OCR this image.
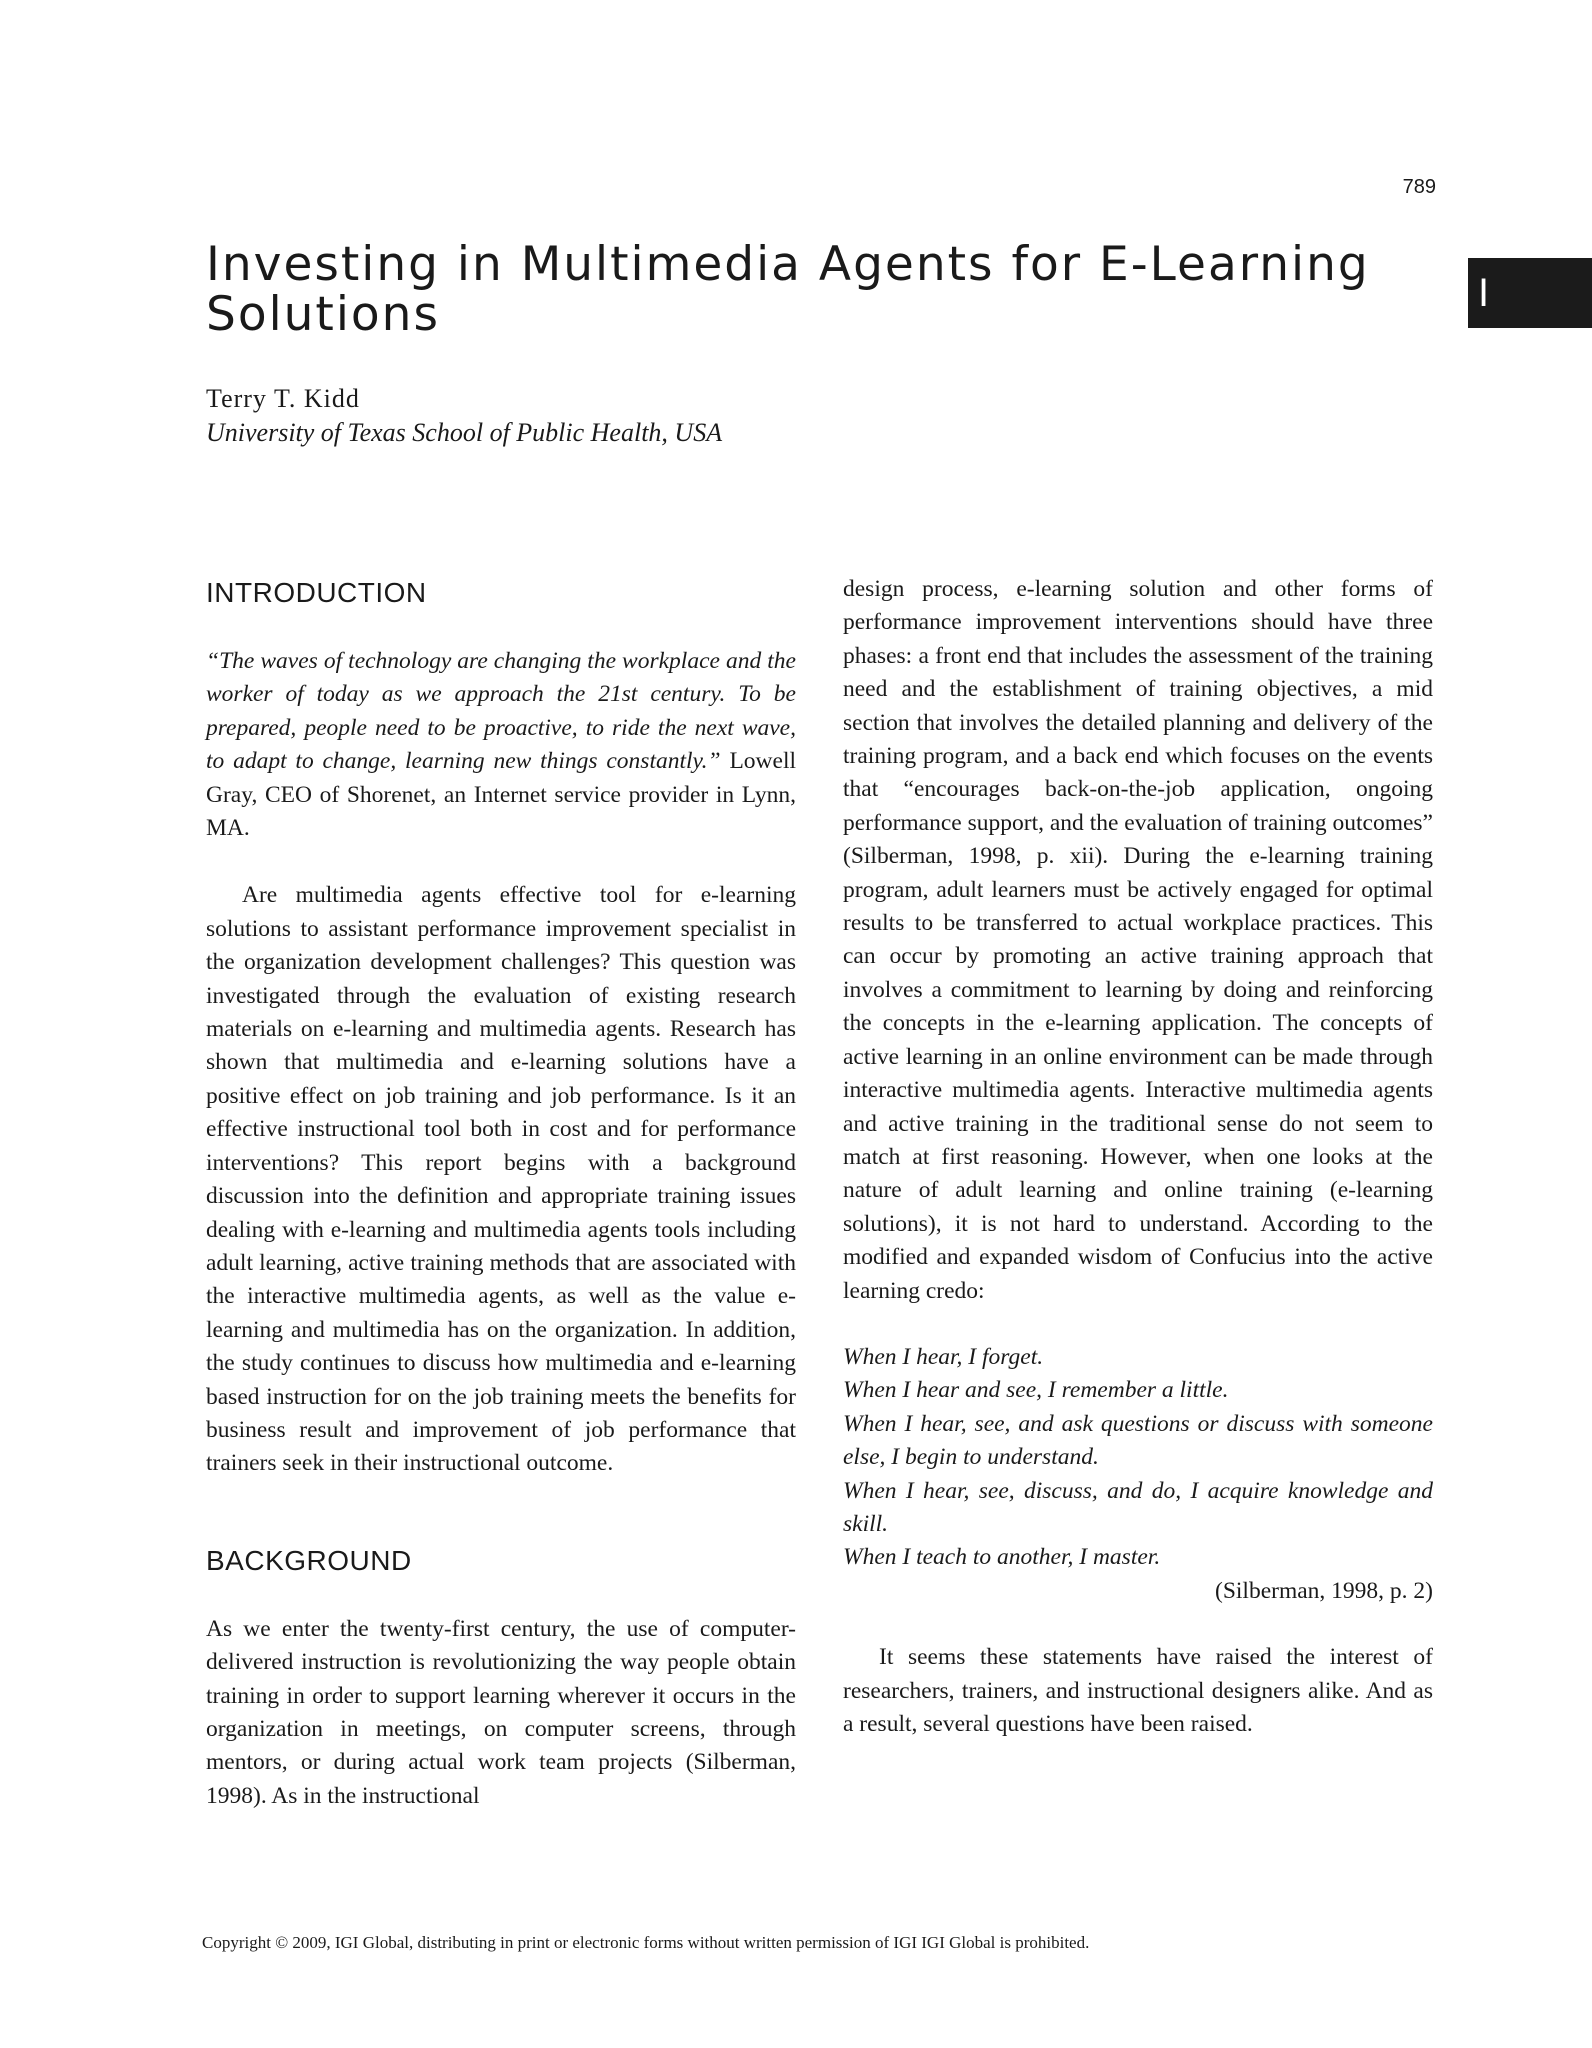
789
Investing in Multimedia Agents for E-Learning
Solutions	I
Terry T. Kidd
University of Texas School of Public Health, USA
INTRODUCTION

“The waves of technology are changing the workplace and the worker of today as we approach the 21st century. To be prepared, people need to be proactive, to ride the next wave, to adapt to change, learning new things constantly.” Lowell Gray, CEO of Shorenet, an Internet service provider in Lynn, MA.

Are multimedia agents effective tool for e-learning solutions to assistant performance improvement specialist in the organization development challenges? This question was investigated through the evaluation of existing research materials on e-learning and multimedia agents. Research has shown that multimedia and e-learning solutions have a positive effect on job training and job performance. Is it an effective instructional tool both in cost and for performance interventions? This report begins with a background discussion into the definition and appropriate training issues dealing with e-learning and multimedia agents tools including adult learning, active training methods that are associated with the interactive multimedia agents, as well as the value e-learning and multimedia has on the organization. In addition, the study continues to discuss how multimedia and e-learning based instruction for on the job training meets the benefits for business result and improvement of job performance that trainers seek in their instructional outcome.

BACKGROUND

As we enter the twenty-first century, the use of computer-delivered instruction is revolutionizing the way people obtain training in order to support learning wherever it occurs in the organization in meetings, on computer screens, through mentors, or during actual work team projects (Silberman, 1998). As in the instructional

design process, e-learning solution and other forms of performance improvement interventions should have three phases: a front end that includes the assessment of the training need and the establishment of training objectives, a mid section that involves the detailed planning and delivery of the training program, and a back end which focuses on the events that “encourages back-on-the-job application, ongoing performance support, and the evaluation of training outcomes” (Silberman, 1998, p. xii). During the e-learning training program, adult learners must be actively engaged for optimal results to be transferred to actual workplace practices. This can occur by promoting an active training approach that involves a commitment to learning by doing and reinforcing the concepts in the e-learning application. The concepts of active learning in an online environment can be made through interactive multimedia agents. Interactive multimedia agents and active training in the traditional sense do not seem to match at first reasoning. However, when one looks at the nature of adult learning and online training (e-learning solutions), it is not hard to understand. According to the modified and expanded wisdom of Confucius into the active learning credo:

When I hear, I forget.
When I hear and see, I remember a little.
When I hear, see, and ask questions or discuss with someone else, I begin to understand.
When I hear, see, discuss, and do, I acquire knowledge and skill.
When I teach to another, I master.
(Silberman, 1998, p. 2)

It seems these statements have raised the interest of researchers, trainers, and instructional designers alike. And as a result, several questions have been raised.

Copyright © 2009, IGI Global, distributing in print or electronic forms without written permission of IGI IGI Global is prohibited.
